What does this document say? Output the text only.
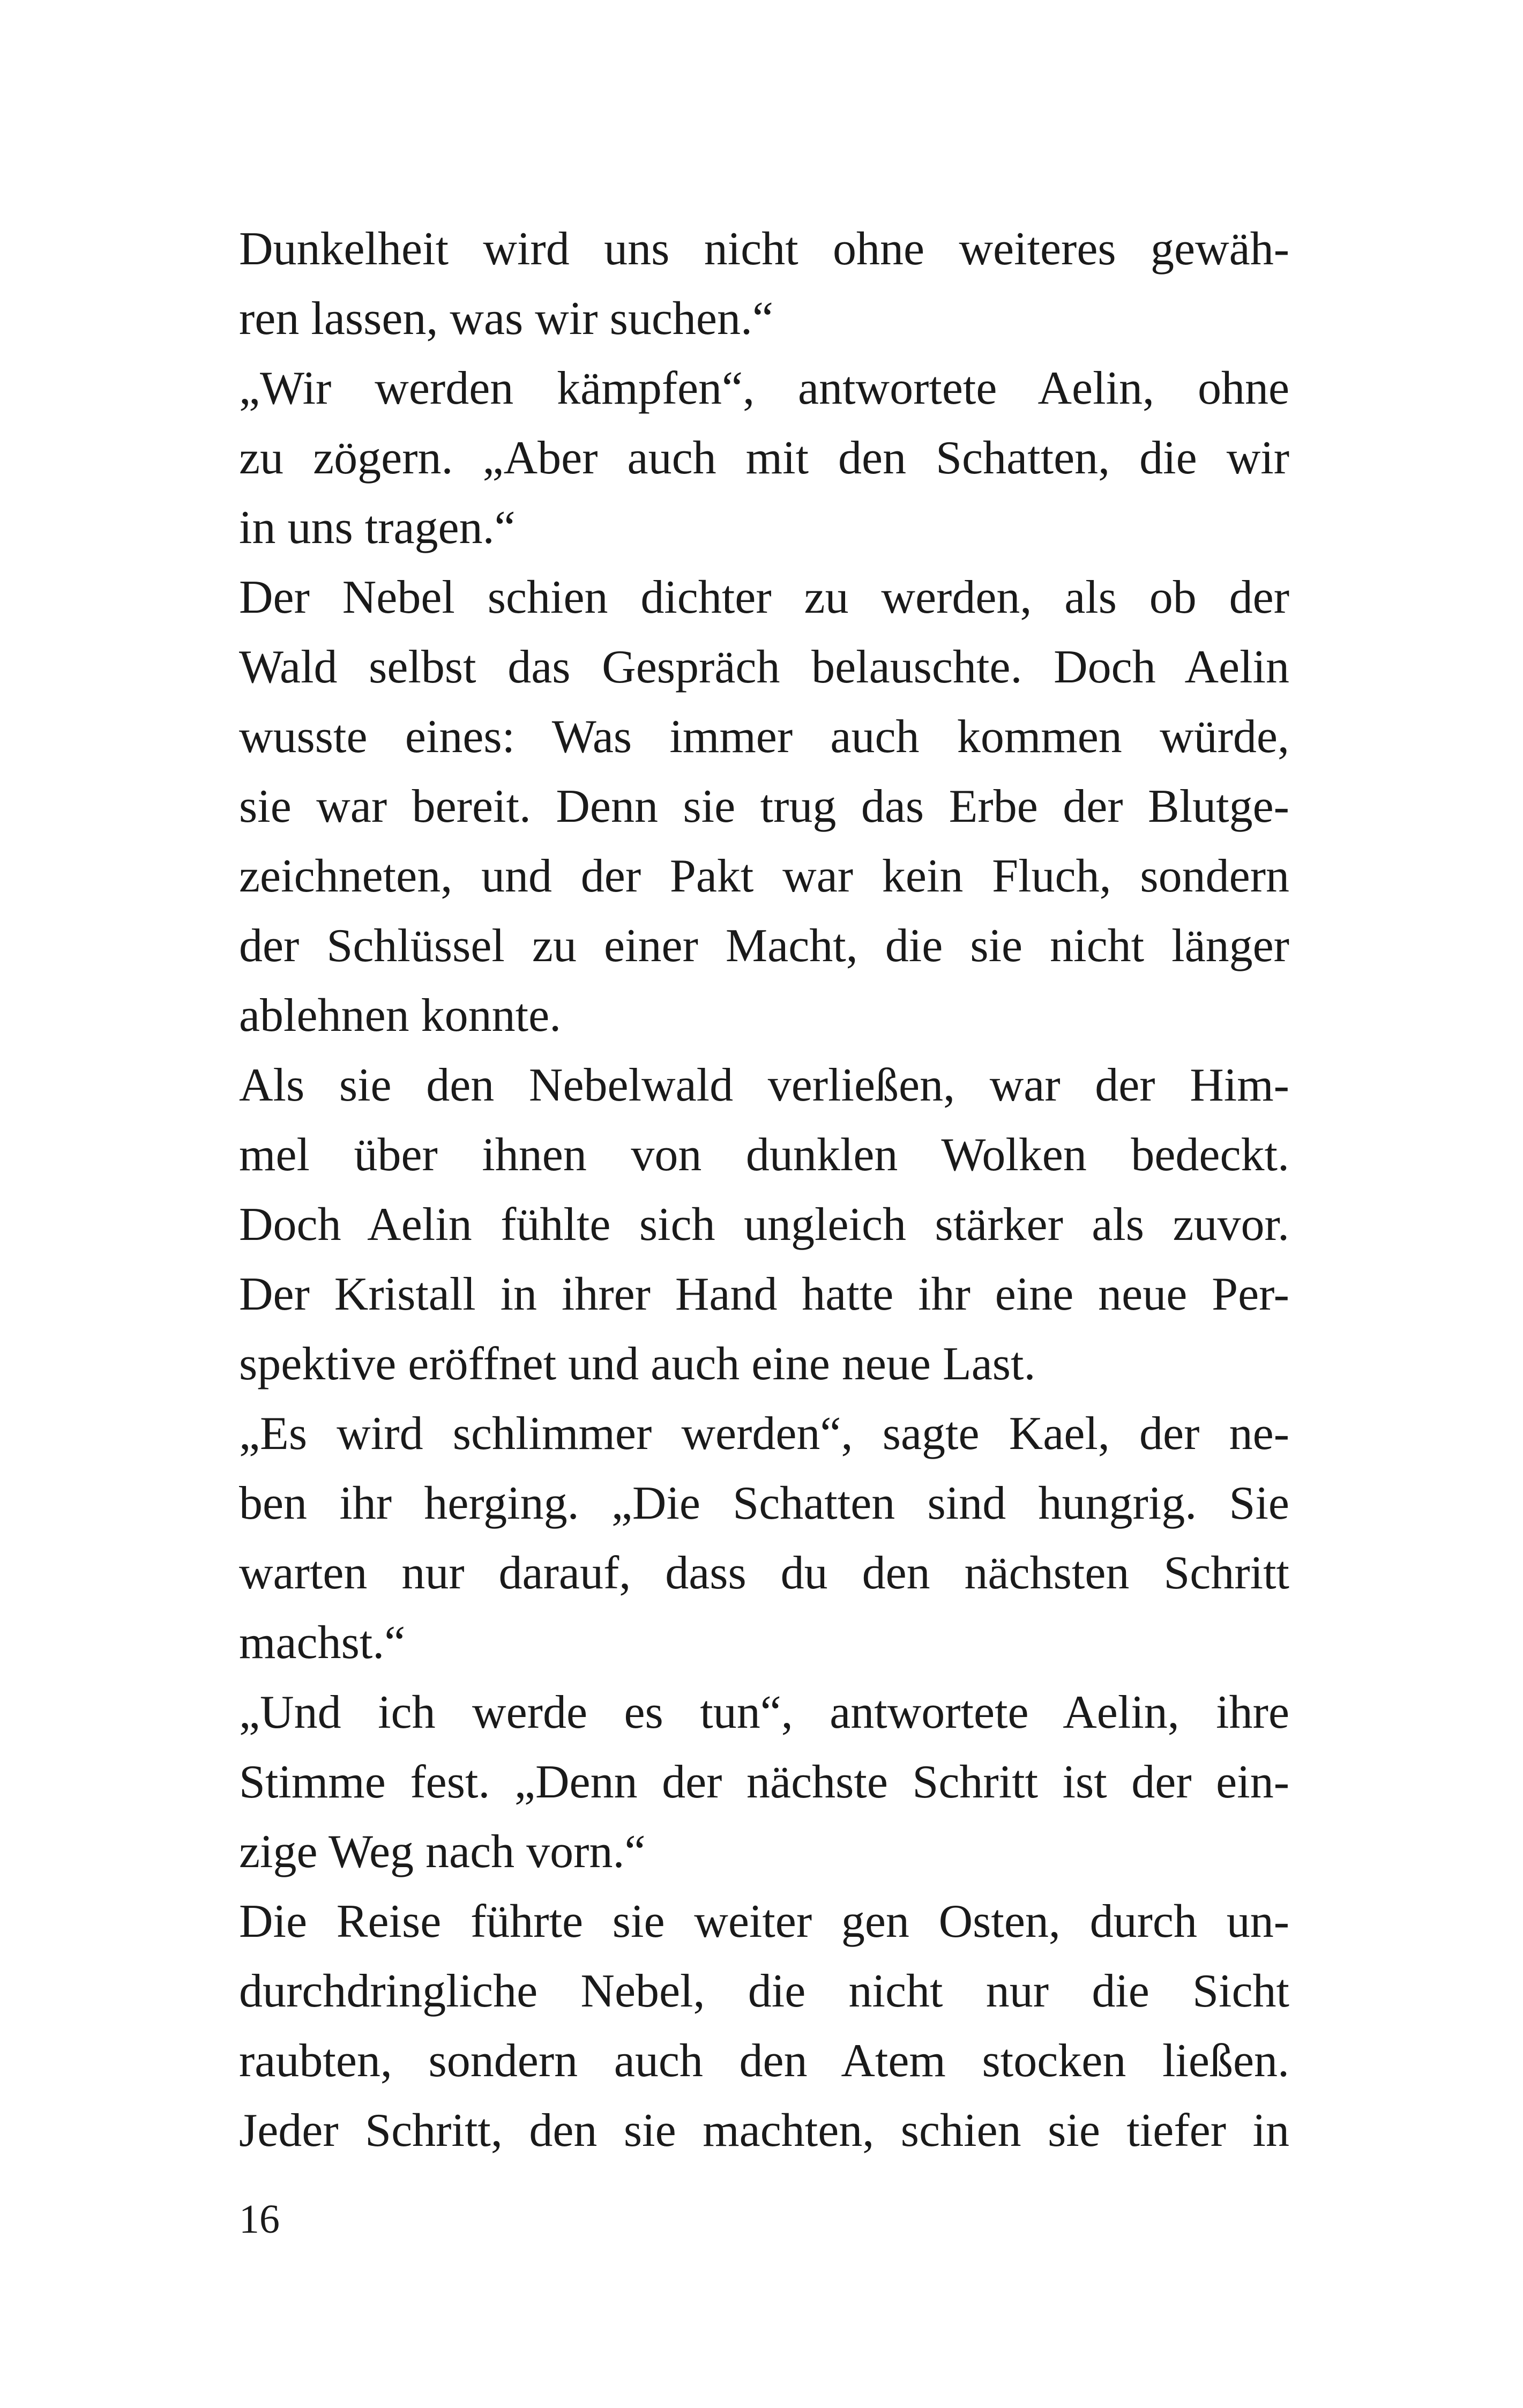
Dunkelheit wird uns nicht ohne weiteres gewäh-
ren lassen, was wir suchen.“
„Wir werden kämpfen“, antwortete Aelin, ohne
zu zögern. „Aber auch mit den Schatten, die wir
in uns tragen.“
Der Nebel schien dichter zu werden, als ob der
Wald selbst das Gespräch belauschte. Doch Aelin
wusste eines: Was immer auch kommen würde,
sie war bereit. Denn sie trug das Erbe der Blutge-
zeichneten, und der Pakt war kein Fluch, sondern
der Schlüssel zu einer Macht, die sie nicht länger
ablehnen konnte.
Als sie den Nebelwald verließen, war der Him-
mel über ihnen von dunklen Wolken bedeckt.
Doch Aelin fühlte sich ungleich stärker als zuvor.
Der Kristall in ihrer Hand hatte ihr eine neue Per-
spektive eröffnet und auch eine neue Last.
„Es wird schlimmer werden“, sagte Kael, der ne-
ben ihr herging. „Die Schatten sind hungrig. Sie
warten nur darauf, dass du den nächsten Schritt
machst.“
„Und ich werde es tun“, antwortete Aelin, ihre
Stimme fest. „Denn der nächste Schritt ist der ein-
zige Weg nach vorn.“
Die Reise führte sie weiter gen Osten, durch un-
durchdringliche Nebel, die nicht nur die Sicht
raubten, sondern auch den Atem stocken ließen.
Jeder Schritt, den sie machten, schien sie tiefer in
16
